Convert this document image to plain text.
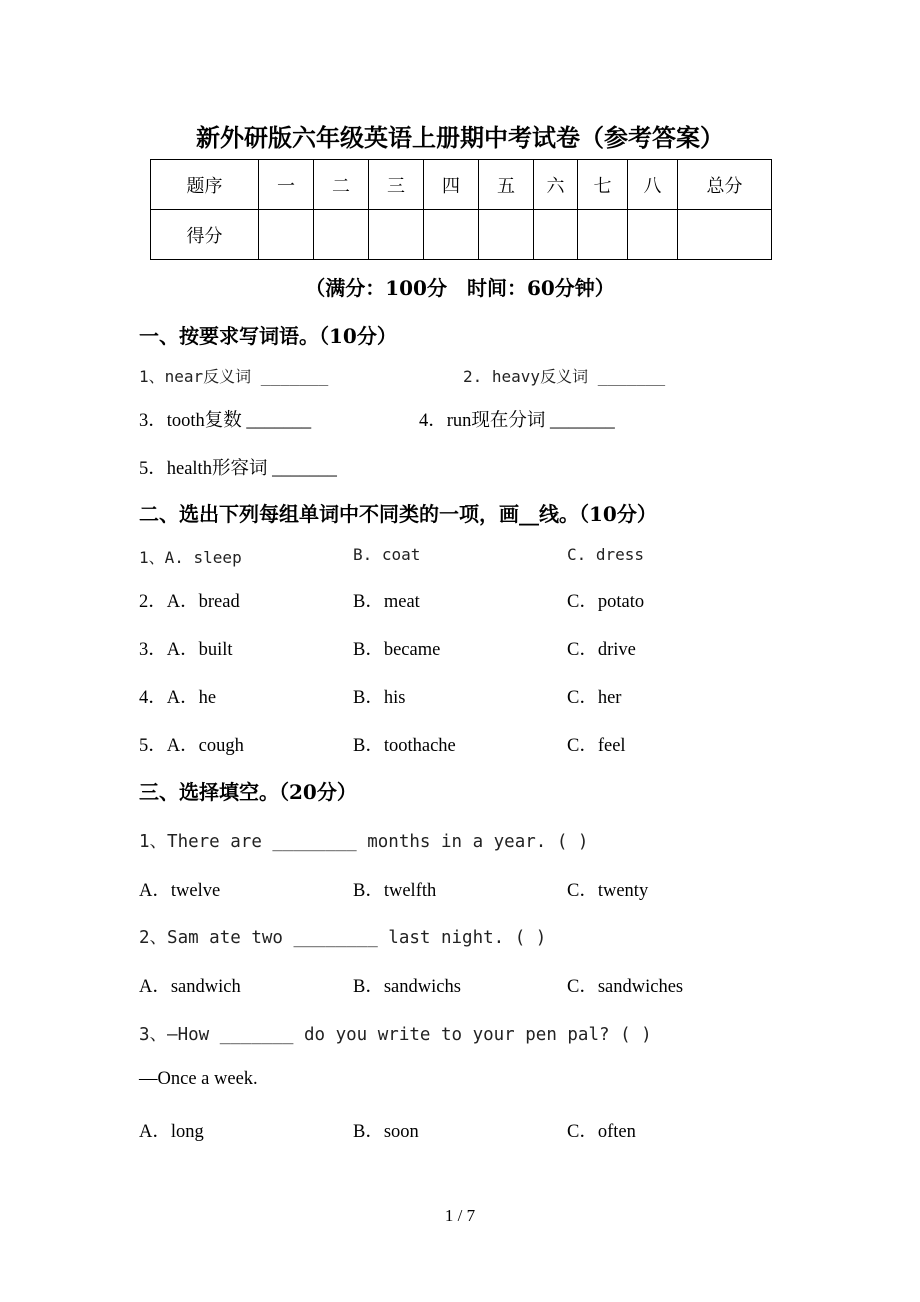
新外研版六年级英语上册期中考试卷（参考答案）
题序	一	二	三	四	五	六	七	八	总分
得分									
（满分：100分　时间：60分钟）
一、按要求写词语。（10分）
1、near反义词 _______	2. heavy反义词 _______
3．tooth复数 _______	4．run现在分词 _______
5．health形容词 _______
二、选出下列每组单词中不同类的一项，画__线。（10分）
1、A. sleep	B. coat	C. dress
2．A．bread	B．meat	C．potato
3．A．built	B．became	C．drive
4．A．he	B．his	C．her
5．A．cough	B．toothache	C．feel
三、选择填空。（20分）
1、There are ________ months in a year. ( )
A．twelve	B．twelfth	C．twenty
2、Sam ate two ________ last night. ( )
A．sandwich	B．sandwichs	C．sandwiches
3、—How _______ do you write to your pen pal? ( )
—Once a week.
A．long	B．soon	C．often
1 / 7
